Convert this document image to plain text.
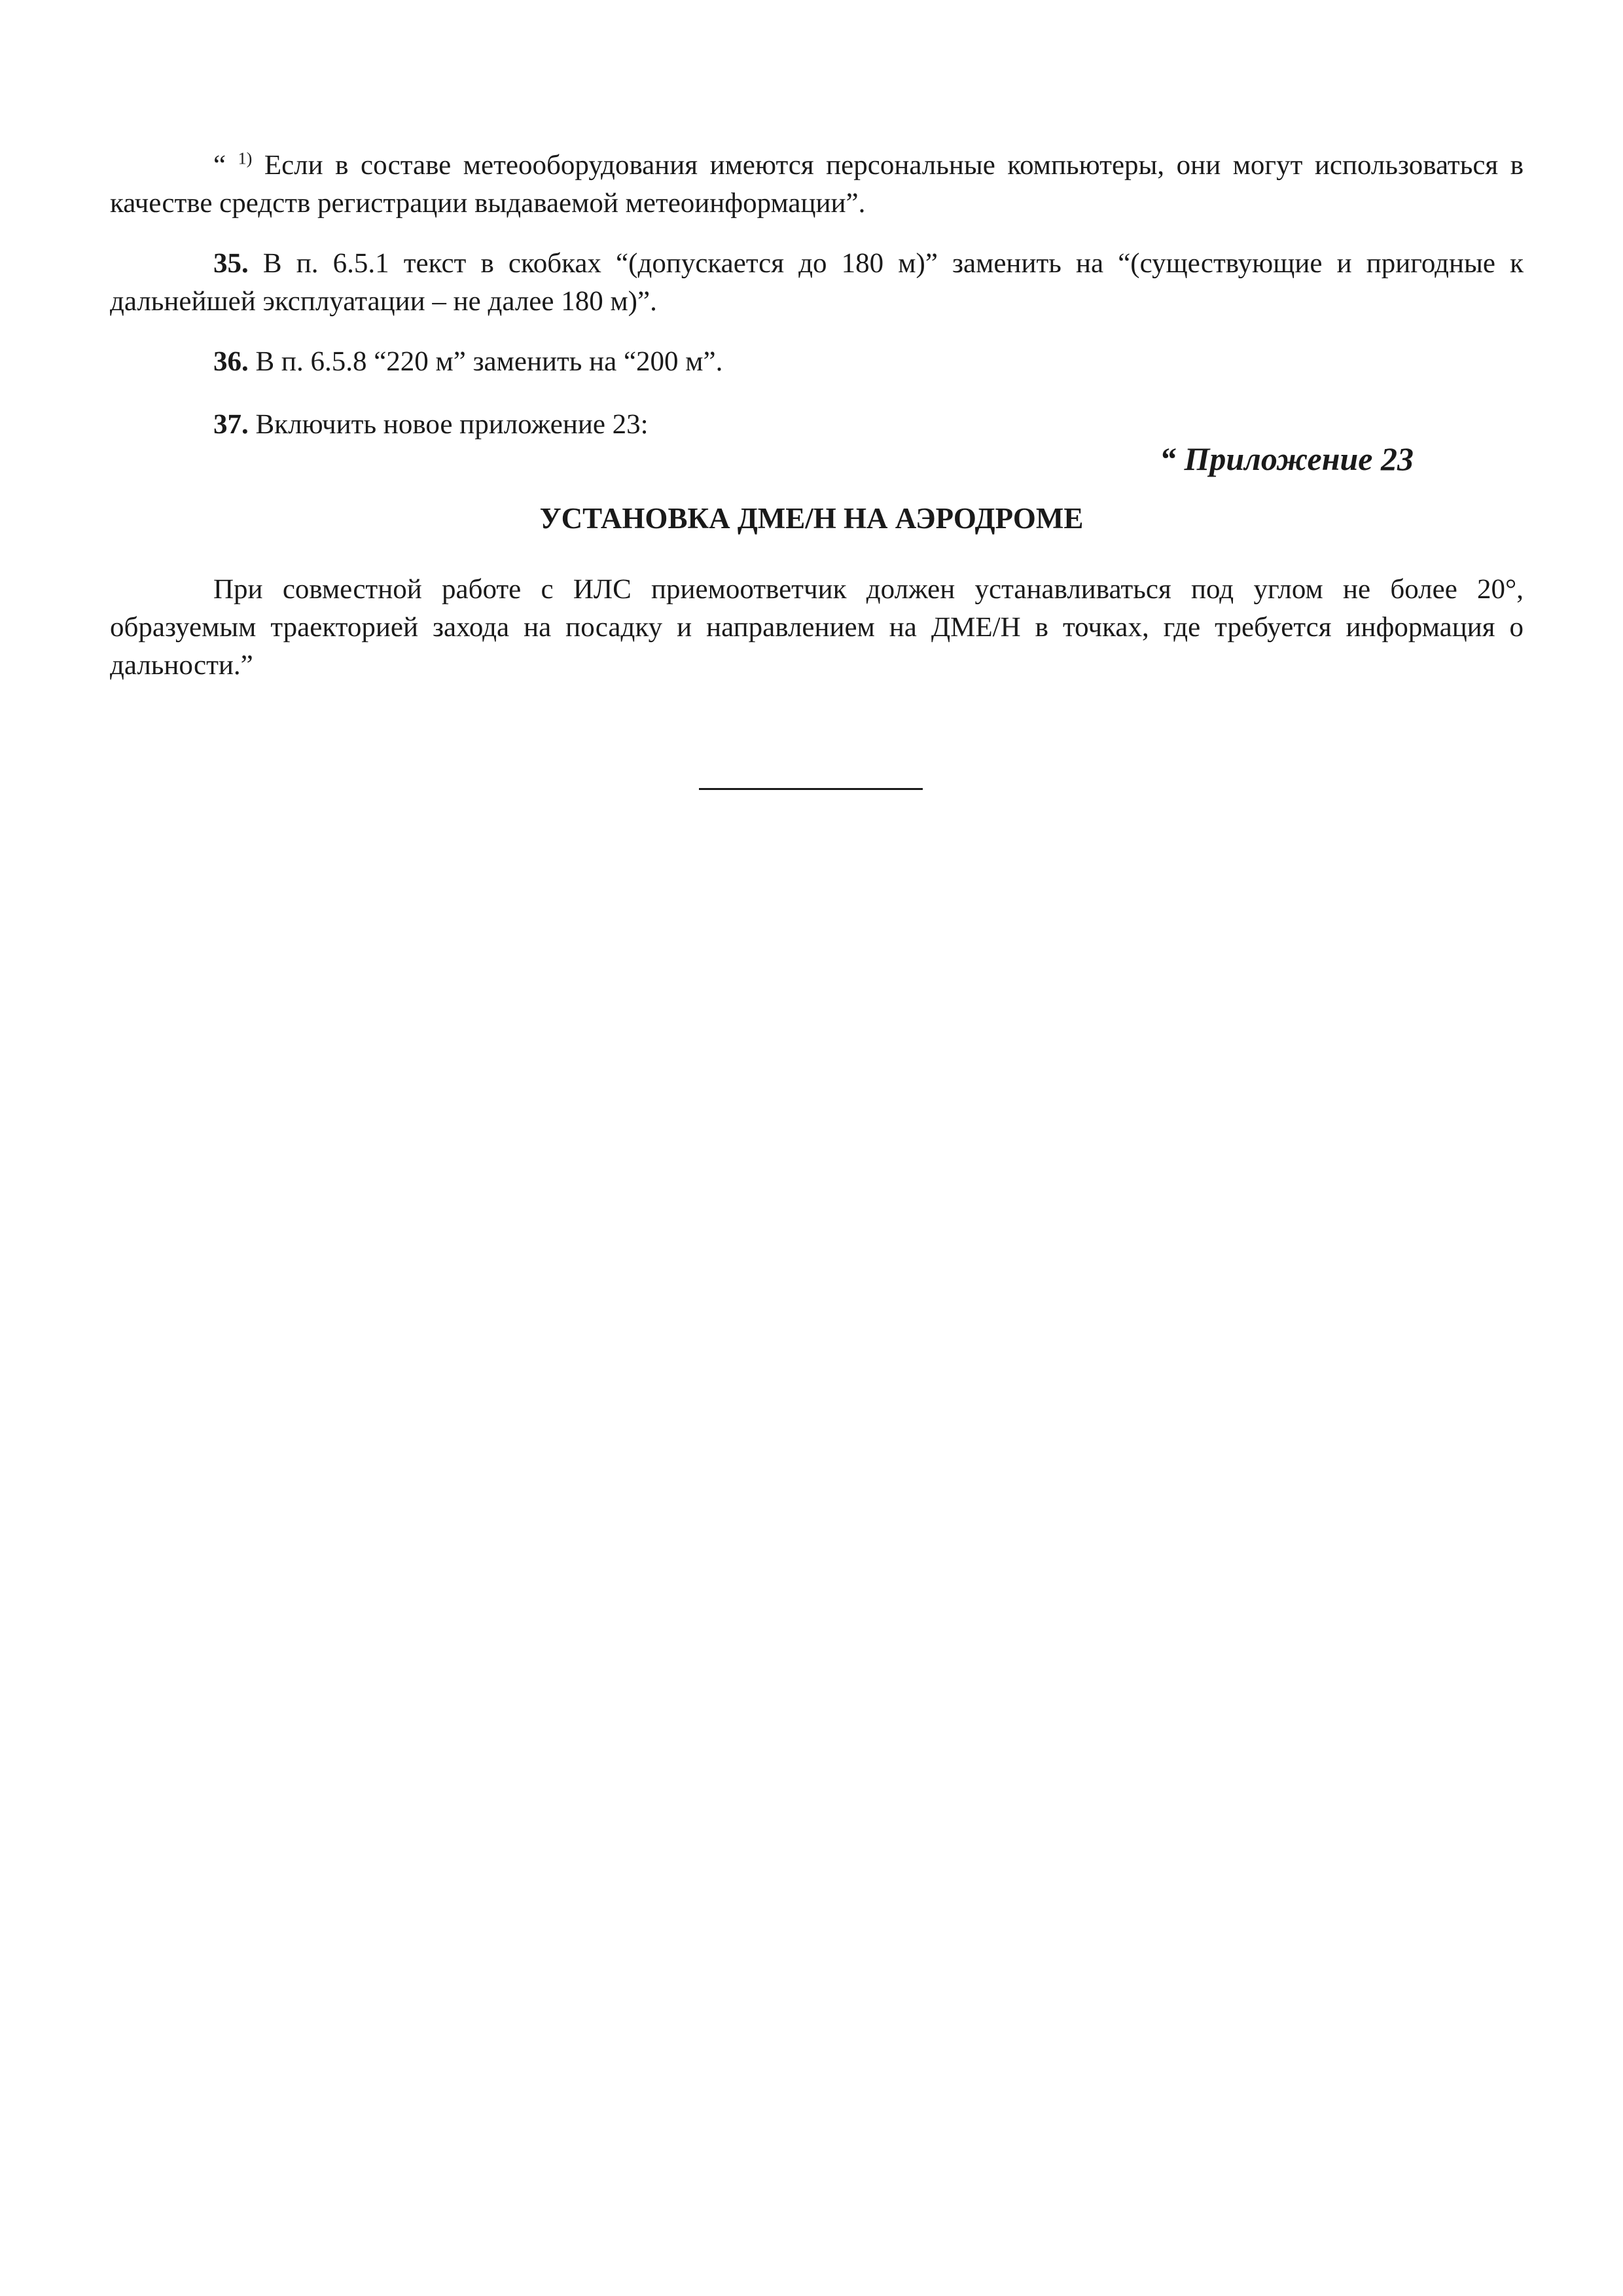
“ $^{1)}$ Если в составе метеооборудования имеются персональные компьютеры, они могут использоваться в качестве средств регистрации выдаваемой метеоинформации”.

35. В п. 6.5.1 текст в скобках “(допускается до 180 м)” заменить на “(существующие и пригодные к дальнейшей эксплуатации – не далее 180 м)”.

36. В п. 6.5.8 “220 м” заменить на “200 м”.

37. Включить новое приложение 23:

“ Приложение 23

УСТАНОВКА ДМЕ/Н НА АЭРОДРОМЕ

При совместной работе с ИЛС приемоответчик должен устанавливаться под углом не более 20°, образуемым траекторией захода на посадку и направлением на ДМЕ/Н в точках, где требуется информация о дальности.”
